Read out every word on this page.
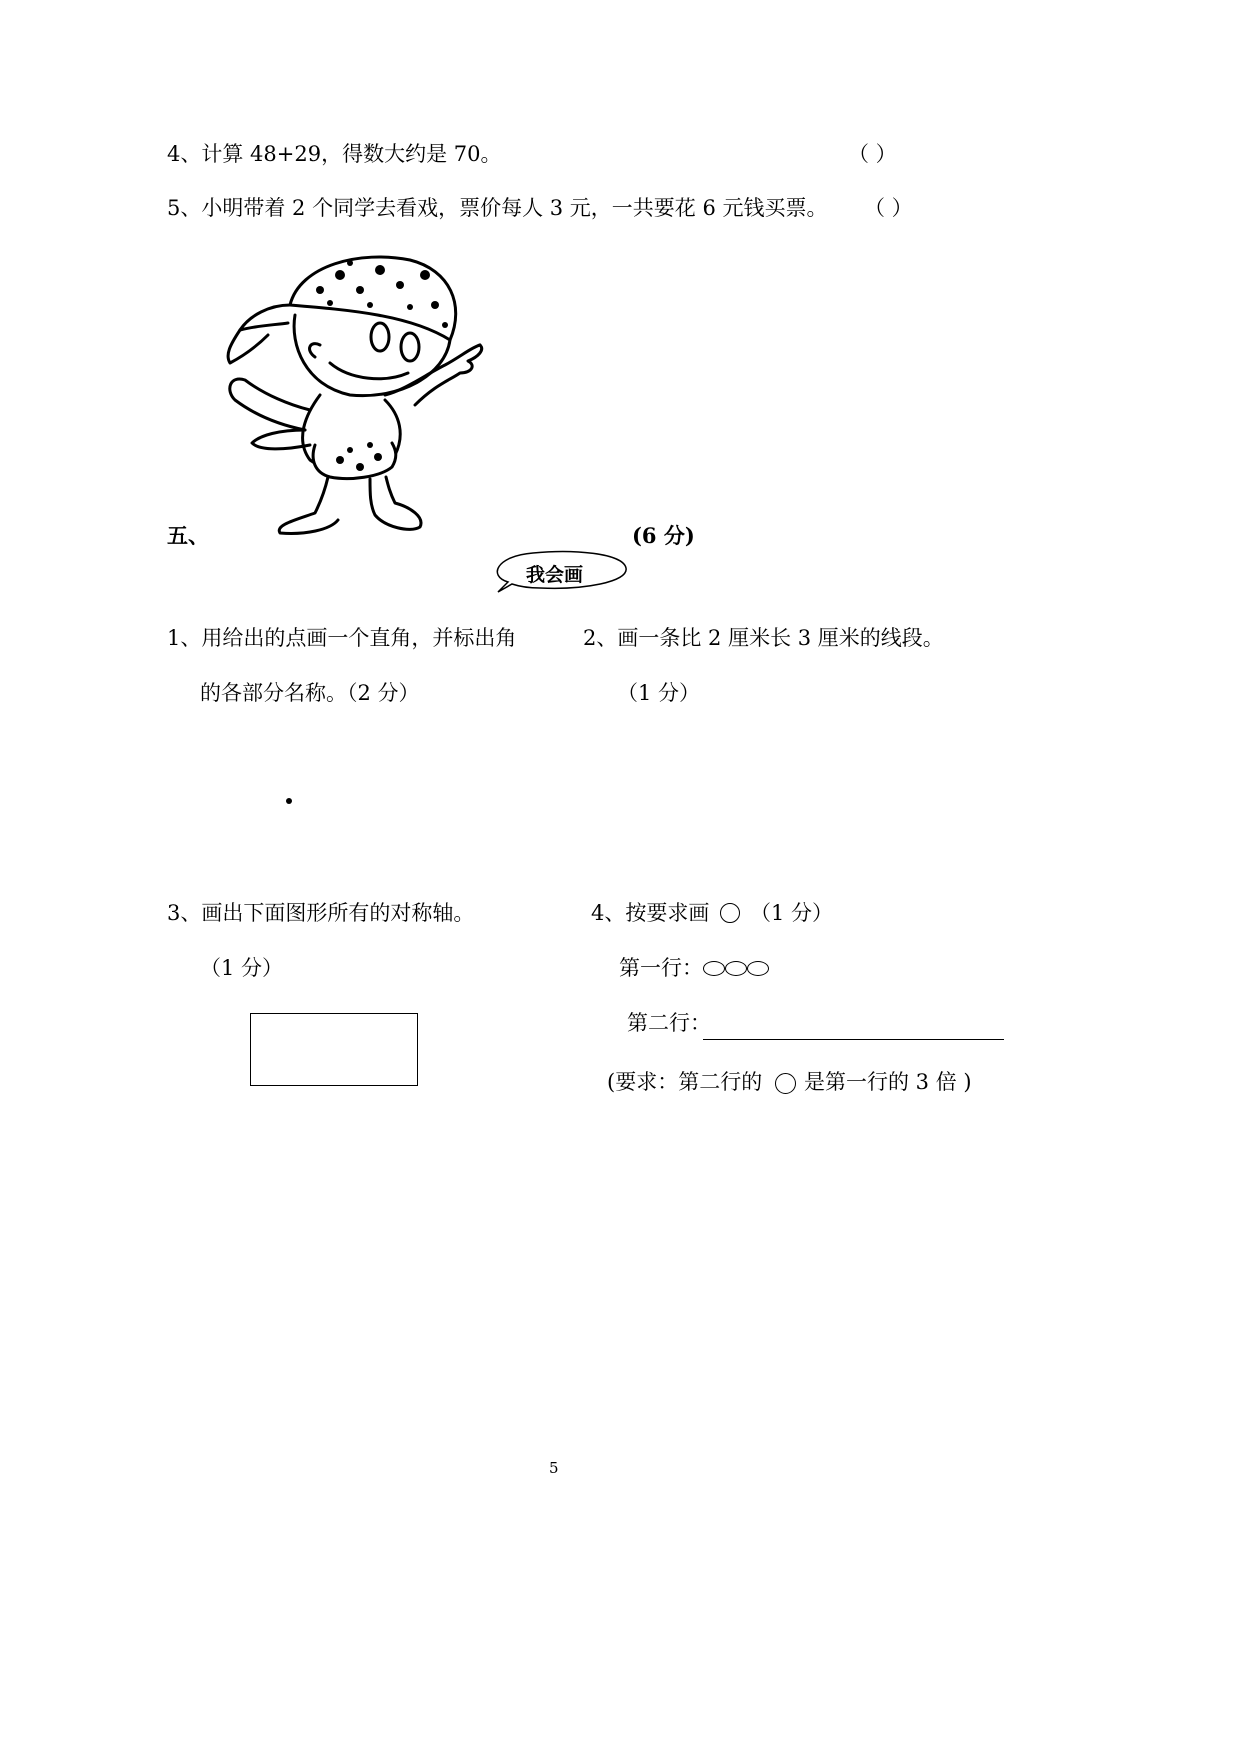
4、计算 48+29，得数大约是 70。	（ ）
5、小明带着 2 个同学去看戏，票价每人 3 元，一共要花 6 元钱买票。 （ ）
五、	(6 分)
我会画
1、用给出的点画一个直角，并标出角
的各部分名称。（2 分）
2、画一条比 2 厘米长 3 厘米的线段。
（1 分）
3、画出下面图形所有的对称轴。
（1 分）
4、按要求画 （1 分）
第一行：
第二行：
(要求：第二行的 是第一行的 3 倍 )
5
